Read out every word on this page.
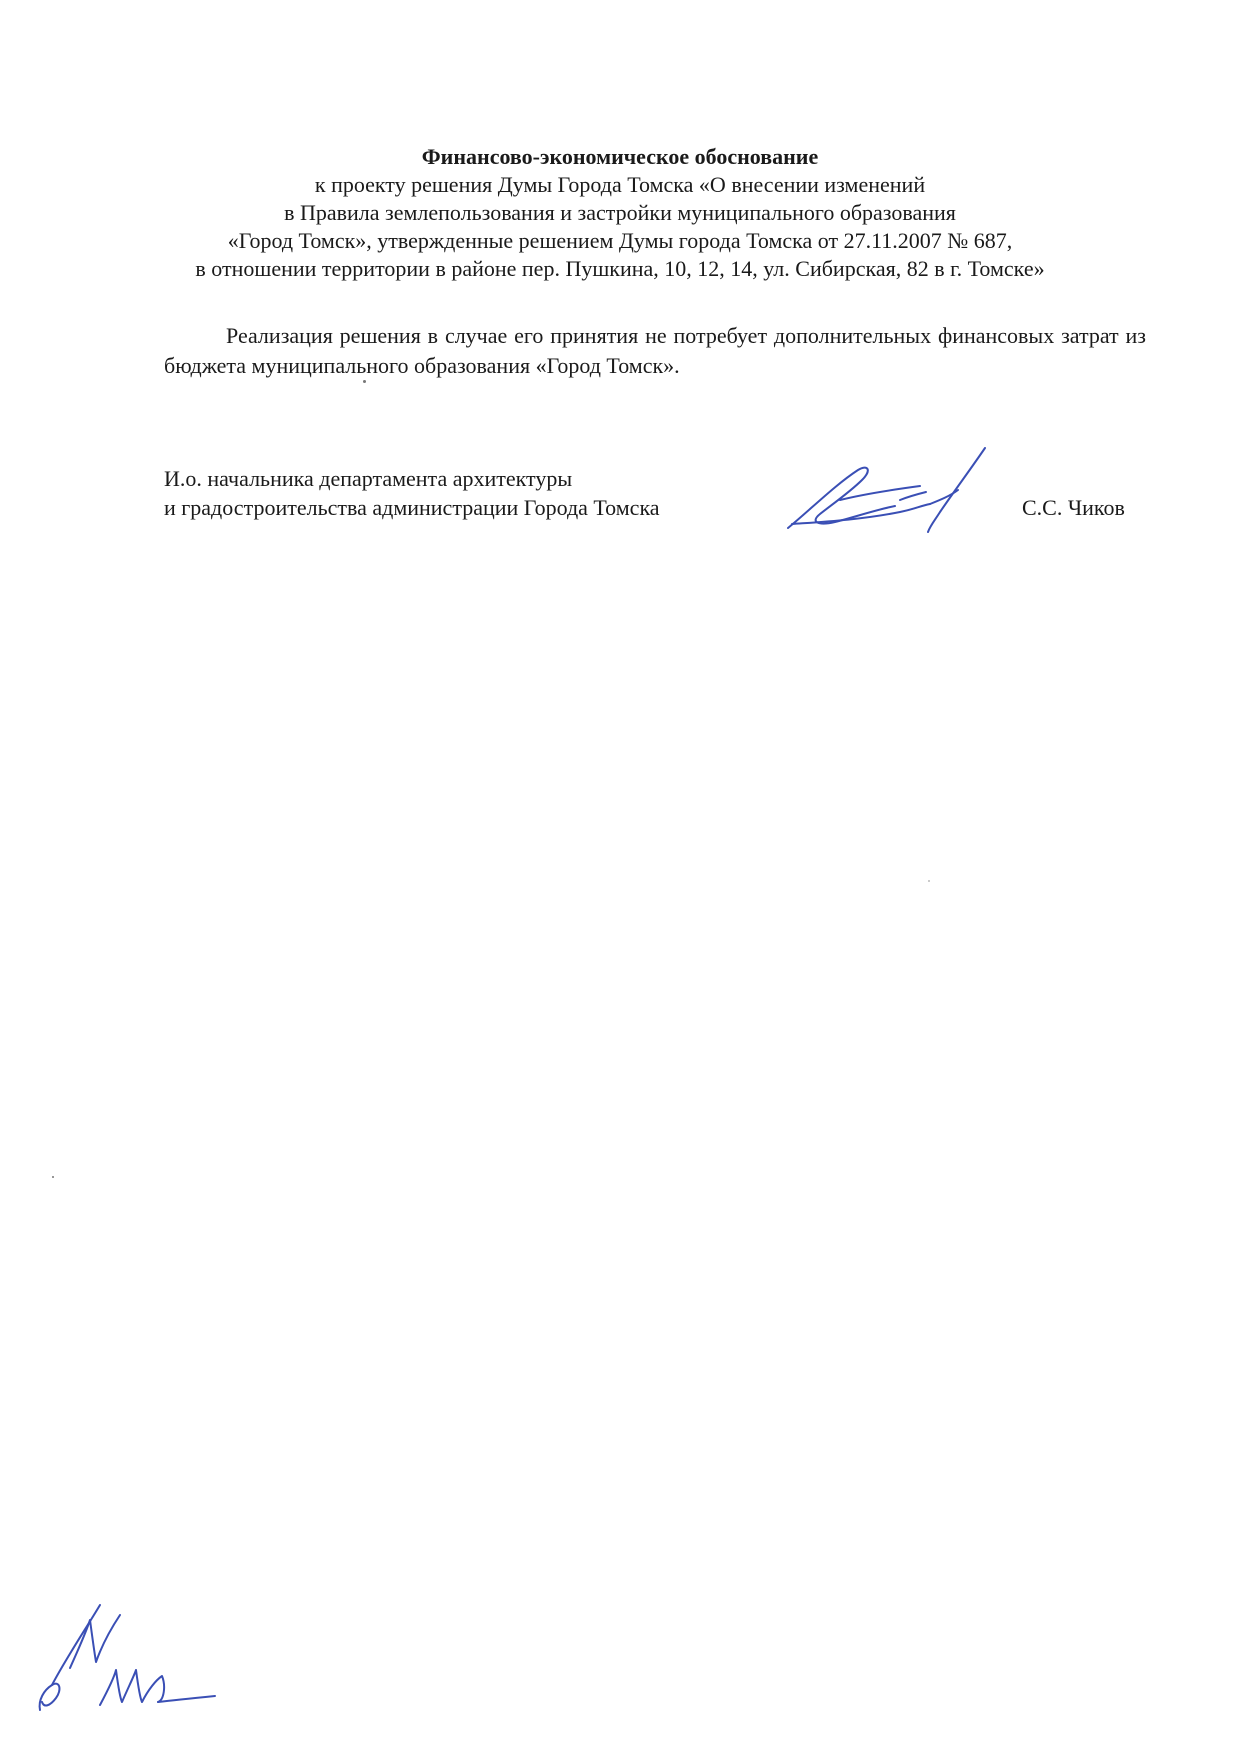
Финансово-экономическое обоснование
к проекту решения Думы Города Томска «О внесении изменений
в Правила землепользования и застройки муниципального образования
«Город Томск», утвержденные решением Думы города Томска от 27.11.2007 № 687,
в отношении территории в районе пер. Пушкина, 10, 12, 14, ул. Сибирская, 82 в г. Томске»

Реализация решения в случае его принятия не потребует дополнительных финансовых затрат из бюджета муниципального образования «Город Томск».

И.о. начальника департамента архитектуры
и градостроительства администрации Города Томска	С.С. Чиков
